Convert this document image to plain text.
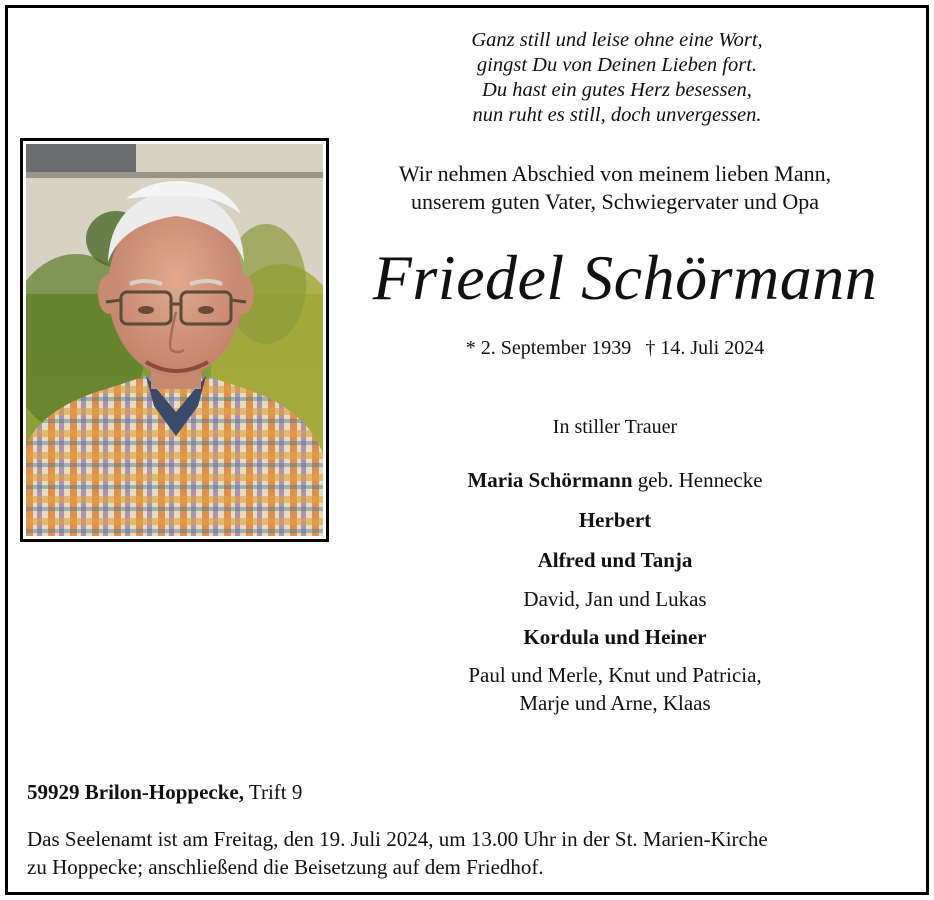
Ganz still und leise ohne eine Wort,
gingst Du von Deinen Lieben fort.
Du hast ein gutes Herz besessen,
nun ruht es still, doch unvergessen.
Wir nehmen Abschied von meinem lieben Mann,
unserem guten Vater, Schwiegervater und Opa
Friedel Schörmann
* 2. September 1939 † 14. Juli 2024
In stiller Trauer
Maria Schörmann geb. Hennecke
Herbert
Alfred und Tanja
David, Jan und Lukas
Kordula und Heiner
Paul und Merle, Knut und Patricia,
Marje und Arne, Klaas
59929 Brilon-Hoppecke, Trift 9
Das Seelenamt ist am Freitag, den 19. Juli 2024, um 13.00 Uhr in der St. Marien-Kirche
zu Hoppecke; anschließend die Beisetzung auf dem Friedhof.
